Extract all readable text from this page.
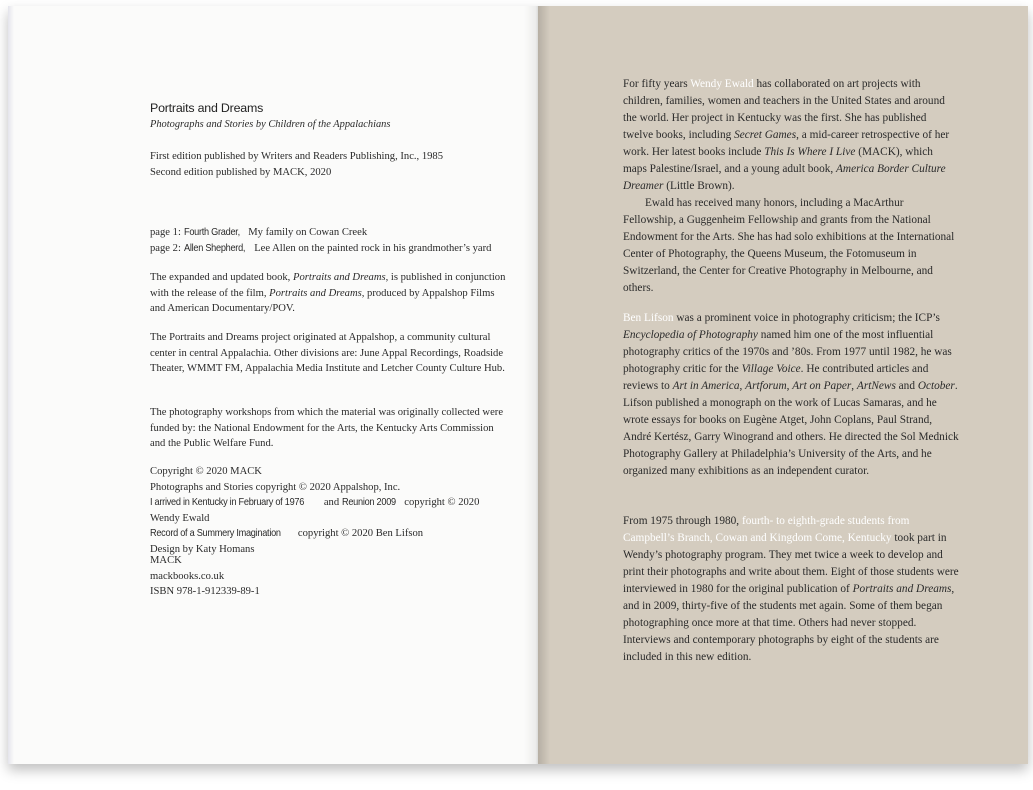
Portraits and Dreams

Photographs and Stories by Children of the Appalachians

First edition published by Writers and Readers Publishing, Inc., 1985

Second edition published by MACK, 2020

page 1: Fourth Grader, My family on Cowan Creek

page 2: Allen Shepherd, Lee Allen on the painted rock in his grandmother’s yard

The expanded and updated book, Portraits and Dreams, is published in conjunction with the release of the film, Portraits and Dreams, produced by Appalshop Films and American Documentary/POV.

The Portraits and Dreams project originated at Appalshop, a community cultural center in central Appalachia. Other divisions are: June Appal Recordings, Roadside Theater, WMMT FM, Appalachia Media Institute and Letcher County Culture Hub.

The photography workshops from which the material was originally collected were funded by: the National Endowment for the Arts, the Kentucky Arts Commission and the Public Welfare Fund.

Copyright © 2020 MACK

Photographs and Stories copyright © 2020 Appalshop, Inc.

I arrived in Kentucky in February of 1976 and Reunion 2009 copyright © 2020 Wendy Ewald

Record of a Summery Imagination copyright © 2020 Ben Lifson

Design by Katy Homans

MACK

mackbooks.co.uk

ISBN 978-1-912339-89-1

For fifty years Wendy Ewald has collaborated on art projects with children, families, women and teachers in the United States and around the world. Her project in Kentucky was the first. She has published twelve books, including Secret Games, a mid-career retrospective of her work. Her latest books include This Is Where I Live (MACK), which maps Palestine/Israel, and a young adult book, America Border Culture Dreamer (Little Brown).

Ewald has received many honors, including a MacArthur Fellowship, a Guggenheim Fellowship and grants from the National Endowment for the Arts. She has had solo exhibitions at the International Center of Photography, the Queens Museum, the Fotomuseum in Switzerland, the Center for Creative Photography in Melbourne, and others.

Ben Lifson was a prominent voice in photography criticism; the ICP’s Encyclopedia of Photography named him one of the most influential photography critics of the 1970s and ’80s. From 1977 until 1982, he was photography critic for the Village Voice. He contributed articles and reviews to Art in America, Artforum, Art on Paper, ArtNews and October. Lifson published a monograph on the work of Lucas Samaras, and he wrote essays for books on Eugène Atget, John Coplans, Paul Strand, André Kertész, Garry Winogrand and others. He directed the Sol Mednick Photography Gallery at Philadelphia’s University of the Arts, and he organized many exhibitions as an independent curator.

From 1975 through 1980, fourth- to eighth-grade students from Campbell’s Branch, Cowan and Kingdom Come, Kentucky took part in Wendy’s photography program. They met twice a week to develop and print their photographs and write about them. Eight of those students were interviewed in 1980 for the original publication of Portraits and Dreams, and in 2009, thirty-five of the students met again. Some of them began photographing once more at that time. Others had never stopped. Interviews and contemporary photographs by eight of the students are included in this new edition.
